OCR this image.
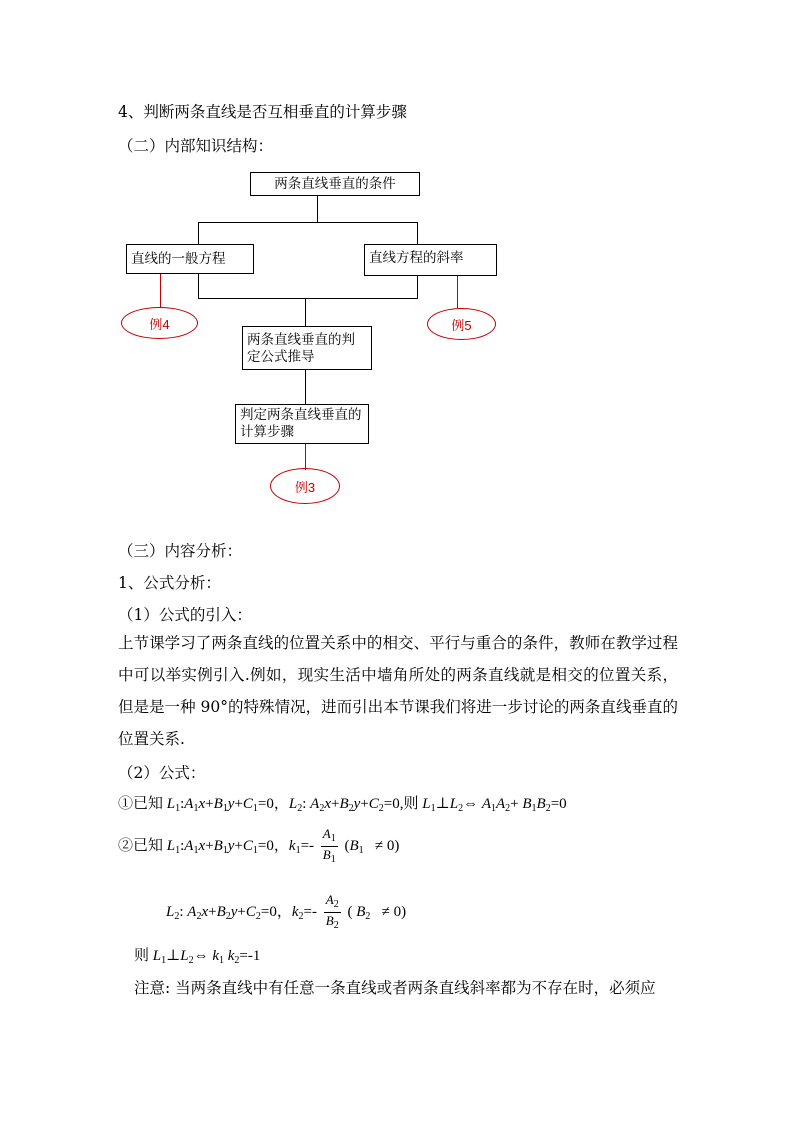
4、判断两条直线是否互相垂直的计算步骤
（二）内部知识结构：
两条直线垂直的条件
直线的一般方程	直线方程的斜率
例4	例5
两条直线垂直的判定公式推导
判定两条直线垂直的计算步骤
例3
（三）内容分析：
1、公式分析：
（1）公式的引入：
上节课学习了两条直线的位置关系中的相交、平行与重合的条件，教师在教学过程中可以举实例引入.例如，现实生活中墙角所处的两条直线就是相交的位置关系，但是是一种 90°的特殊情况，进而引出本节课我们将进一步讨论的两条直线垂直的位置关系.
（2）公式：
①已知 $L_1:A_1x+B_1y+C_1=0$，$L_2$: $A_2x+B_2y+C_2=0$,则 $L_1\perp L_2\Leftrightarrow$ $A_1A_2+ B_1B_2=0$
②已知 $L_1:A_1x+B_1y+C_1=0$，$k_1=- \frac{A_1}{B_1} (B_1 \ne 0)$
$L_2$: $A_2x+B_2y+C_2=0$，$k_2=- \frac{A_2}{B_2}$ ( $B_2 \ne 0$)
则 $L_1\perp L_2\Leftrightarrow$ $k_1$ $k_2=-1$
注意: 当两条直线中有任意一条直线或者两条直线斜率都为不存在时，必须应
